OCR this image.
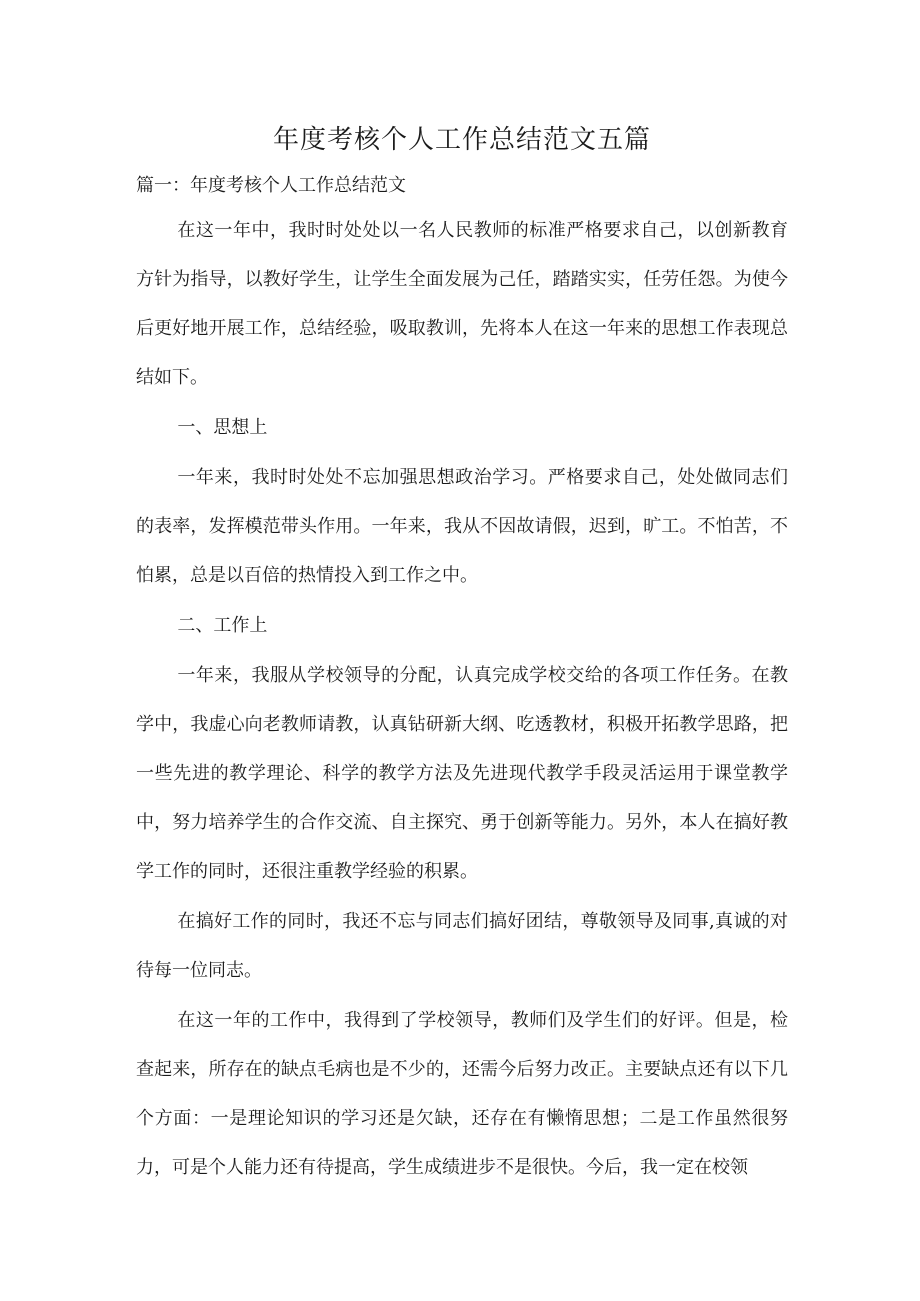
年度考核个人工作总结范文五篇
篇一：年度考核个人工作总结范文

在这一年中，我时时处处以一名人民教师的标准严格要求自己，以创新教育方针为指导，以教好学生，让学生全面发展为己任，踏踏实实，任劳任怨。为使今后更好地开展工作，总结经验，吸取教训，先将本人在这一年来的思想工作表现总结如下。

一、思想上

一年来，我时时处处不忘加强思想政治学习。严格要求自己，处处做同志们的表率，发挥模范带头作用。一年来，我从不因故请假，迟到，旷工。不怕苦，不怕累，总是以百倍的热情投入到工作之中。

二、工作上

一年来，我服从学校领导的分配，认真完成学校交给的各项工作任务。在教学中，我虚心向老教师请教，认真钻研新大纲、吃透教材，积极开拓教学思路，把一些先进的教学理论、科学的教学方法及先进现代教学手段灵活运用于课堂教学中，努力培养学生的合作交流、自主探究、勇于创新等能力。另外，本人在搞好教学工作的同时，还很注重教学经验的积累。

在搞好工作的同时，我还不忘与同志们搞好团结，尊敬领导及同事,真诚的对待每一位同志。

在这一年的工作中，我得到了学校领导，教师们及学生们的好评。但是，检查起来，所存在的缺点毛病也是不少的，还需今后努力改正。主要缺点还有以下几个方面：一是理论知识的学习还是欠缺，还存在有懒惰思想；二是工作虽然很努力，可是个人能力还有待提高，学生成绩进步不是很快。今后，我一定在校领
